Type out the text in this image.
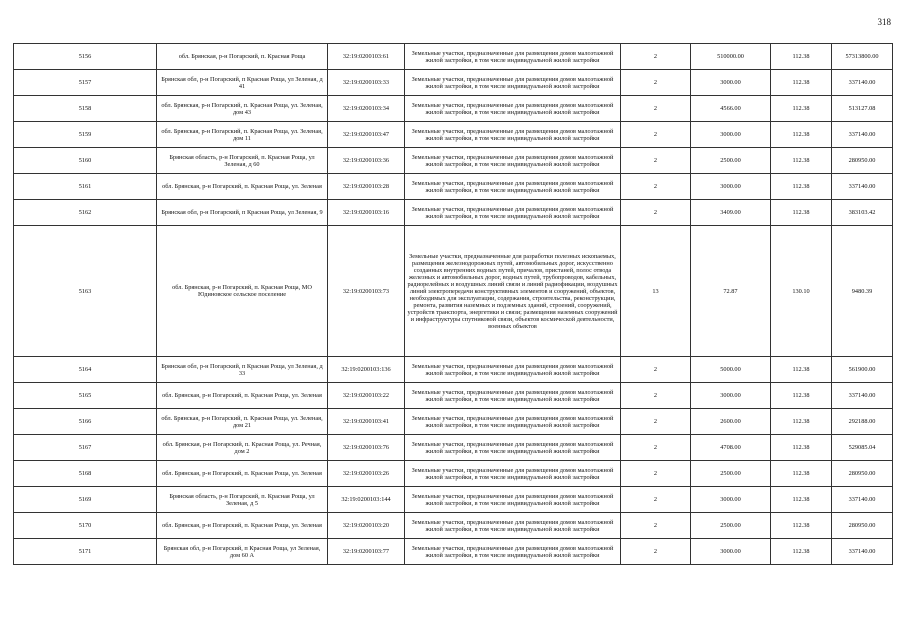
318
5156	обл. Брянская, р-н Погарский, п. Красная Роща	32:19:0200103:61	Земельные участки, предназначенные для размещения домов малоэтажной жилой застройки, в том числе индивидуальной жилой застройки	2	510000.00	112.38	57313800.00
5157	Брянская обл, р-н Погарский, п Красная Роща, ул Зеленая, д 41	32:19:0200103:33	Земельные участки, предназначенные для размещения домов малоэтажной жилой застройки, в том числе индивидуальной жилой застройки	2	3000.00	112.38	337140.00
5158	обл. Брянская, р-н Погарский, п. Красная Роща, ул. Зеленая, дом 43	32:19:0200103:34	Земельные участки, предназначенные для размещения домов малоэтажной жилой застройки, в том числе индивидуальной жилой застройки	2	4566.00	112.38	513127.08
5159	обл. Брянская, р-н Погарский, п. Красная Роща, ул. Зеленая, дом 11	32:19:0200103:47	Земельные участки, предназначенные для размещения домов малоэтажной жилой застройки, в том числе индивидуальной жилой застройки	2	3000.00	112.38	337140.00
5160	Брянская область, р-н Погарский, п. Красная Роща, ул Зеленая, д 60	32:19:0200103:36	Земельные участки, предназначенные для размещения домов малоэтажной жилой застройки, в том числе индивидуальной жилой застройки	2	2500.00	112.38	280950.00
5161	обл. Брянская, р-н Погарский, п. Красная Роща, ул. Зеленая	32:19:0200103:28	Земельные участки, предназначенные для размещения домов малоэтажной жилой застройки, в том числе индивидуальной жилой застройки	2	3000.00	112.38	337140.00
5162	Брянская обл, р-н Погарский, п Красная Роща, ул Зеленая, 9	32:19:0200103:16	Земельные участки, предназначенные для размещения домов малоэтажной жилой застройки, в том числе индивидуальной жилой застройки	2	3409.00	112.38	383103.42
5163	обл. Брянская, р-н Погарский, п. Красная Роща, МО Юдиновское сельское поселение	32:19:0200103:73	Земельные участки, предназначенные для разработки полезных ископаемых, размещения железнодорожных путей, автомобильных дорог, искусственно созданных внутренних водных путей, причалов, пристаней, полос отвода железных и автомобильных дорог, водных путей, трубопроводов, кабельных, радиорелейных и воздушных линий связи и линий радиофикации, воздушных линий электропередачи конструктивных элементов и сооружений, объектов, необходимых для эксплуатации, содержания, строительства, реконструкции, ремонта, развития наземных и подземных зданий, строений, сооружений, устройств транспорта, энергетики и связи; размещения наземных сооружений и инфраструктуры спутниковой связи, объектов космической деятельности, военных объектов	13	72.87	130.10	9480.39
5164	Брянская обл, р-н Погарский, п Красная Роща, ул Зеленая, д 33	32:19:0200103:136	Земельные участки, предназначенные для размещения домов малоэтажной жилой застройки, в том числе индивидуальной жилой застройки	2	5000.00	112.38	561900.00
5165	обл. Брянская, р-н Погарский, п. Красная Роща, ул. Зеленая	32:19:0200103:22	Земельные участки, предназначенные для размещения домов малоэтажной жилой застройки, в том числе индивидуальной жилой застройки	2	3000.00	112.38	337140.00
5166	обл. Брянская, р-н Погарский, п. Красная Роща, ул. Зеленая, дом 21	32:19:0200103:41	Земельные участки, предназначенные для размещения домов малоэтажной жилой застройки, в том числе индивидуальной жилой застройки	2	2600.00	112.38	292188.00
5167	обл. Брянская, р-н Погарский, п. Красная Роща, ул. Речная, дом 2	32:19:0200103:76	Земельные участки, предназначенные для размещения домов малоэтажной жилой застройки, в том числе индивидуальной жилой застройки	2	4708.00	112.38	529085.04
5168	обл. Брянская, р-н Погарский, п. Красная Роща, ул. Зеленая	32:19:0200103:26	Земельные участки, предназначенные для размещения домов малоэтажной жилой застройки, в том числе индивидуальной жилой застройки	2	2500.00	112.38	280950.00
5169	Брянская область, р-н Погарский, п. Красная Роща, ул Зеленая, д 5	32:19:0200103:144	Земельные участки, предназначенные для размещения домов малоэтажной жилой застройки, в том числе индивидуальной жилой застройки	2	3000.00	112.38	337140.00
5170	обл. Брянская, р-н Погарский, п. Красная Роща, ул. Зеленая	32:19:0200103:20	Земельные участки, предназначенные для размещения домов малоэтажной жилой застройки, в том числе индивидуальной жилой застройки	2	2500.00	112.38	280950.00
5171	Брянская обл, р-н Погарский, п Красная Роща, ул Зеленая, дом 60 А	32:19:0200103:77	Земельные участки, предназначенные для размещения домов малоэтажной жилой застройки, в том числе индивидуальной жилой застройки	2	3000.00	112.38	337140.00
